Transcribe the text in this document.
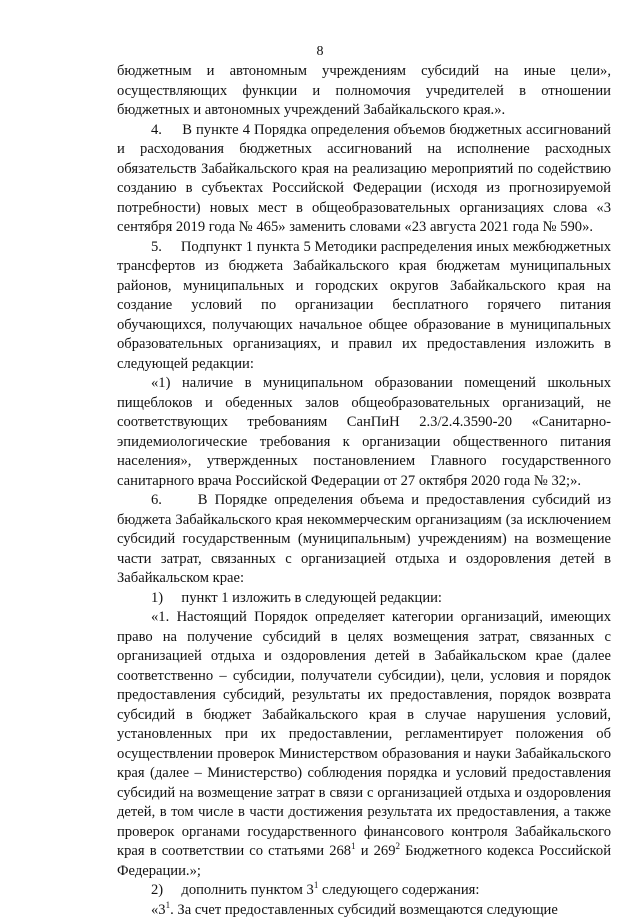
8

бюджетным и автономным учреждениям субсидий на иные цели», осуществляющих функции и полномочия учредителей в отношении бюджетных и автономных учреждений Забайкальского края.».

4.     В пункте 4 Порядка определения объемов бюджетных ассигнований и расходования бюджетных ассигнований на исполнение расходных обязательств Забайкальского края на реализацию мероприятий по содействию созданию в субъектах Российской Федерации (исходя из прогнозируемой потребности) новых мест в общеобразовательных организациях слова «3 сентября 2019 года № 465» заменить словами «23 августа 2021 года № 590».

5.     Подпункт 1 пункта 5 Методики распределения иных межбюджетных трансфертов из бюджета Забайкальского края бюджетам муниципальных районов, муниципальных и городских округов Забайкальского края на создание условий по организации бесплатного горячего питания обучающихся, получающих начальное общее образование в муниципальных образовательных организациях, и правил их предоставления изложить в следующей редакции:

«1) наличие в муниципальном образовании помещений школьных пищеблоков и обеденных залов общеобразовательных организаций, не соответствующих требованиям СанПиН 2.3/2.4.3590-20 «Санитарно-эпидемиологические требования к организации общественного питания населения», утвержденных постановлением Главного государственного санитарного врача Российской Федерации от 27 октября 2020 года № 32;».

6.     В Порядке определения объема и предоставления субсидий из бюджета Забайкальского края некоммерческим организациям (за исключением субсидий государственным (муниципальным) учреждениям) на возмещение части затрат, связанных с организацией отдыха и оздоровления детей в Забайкальском крае:

1)     пункт 1 изложить в следующей редакции:

«1. Настоящий Порядок определяет категории организаций, имеющих право на получение субсидий в целях возмещения затрат, связанных с организацией отдыха и оздоровления детей в Забайкальском крае (далее соответственно – субсидии, получатели субсидии), цели, условия и порядок предоставления субсидий, результаты их предоставления, порядок возврата субсидий в бюджет Забайкальского края в случае нарушения условий, установленных при их предоставлении, регламентирует положения об осуществлении проверок Министерством образования и науки Забайкальского края (далее – Министерство) соблюдения порядка и условий предоставления субсидий на возмещение затрат в связи с организацией отдыха и оздоровления детей, в том числе в части достижения результата их предоставления, а также проверок органами государственного финансового контроля Забайкальского края в соответствии со статьями $268^1$ и $269^2$ Бюджетного кодекса Российской Федерации.»;

2)     дополнить пунктом $3^1$ следующего содержания:

«$3^1$. За счет предоставленных субсидий возмещаются следующие
